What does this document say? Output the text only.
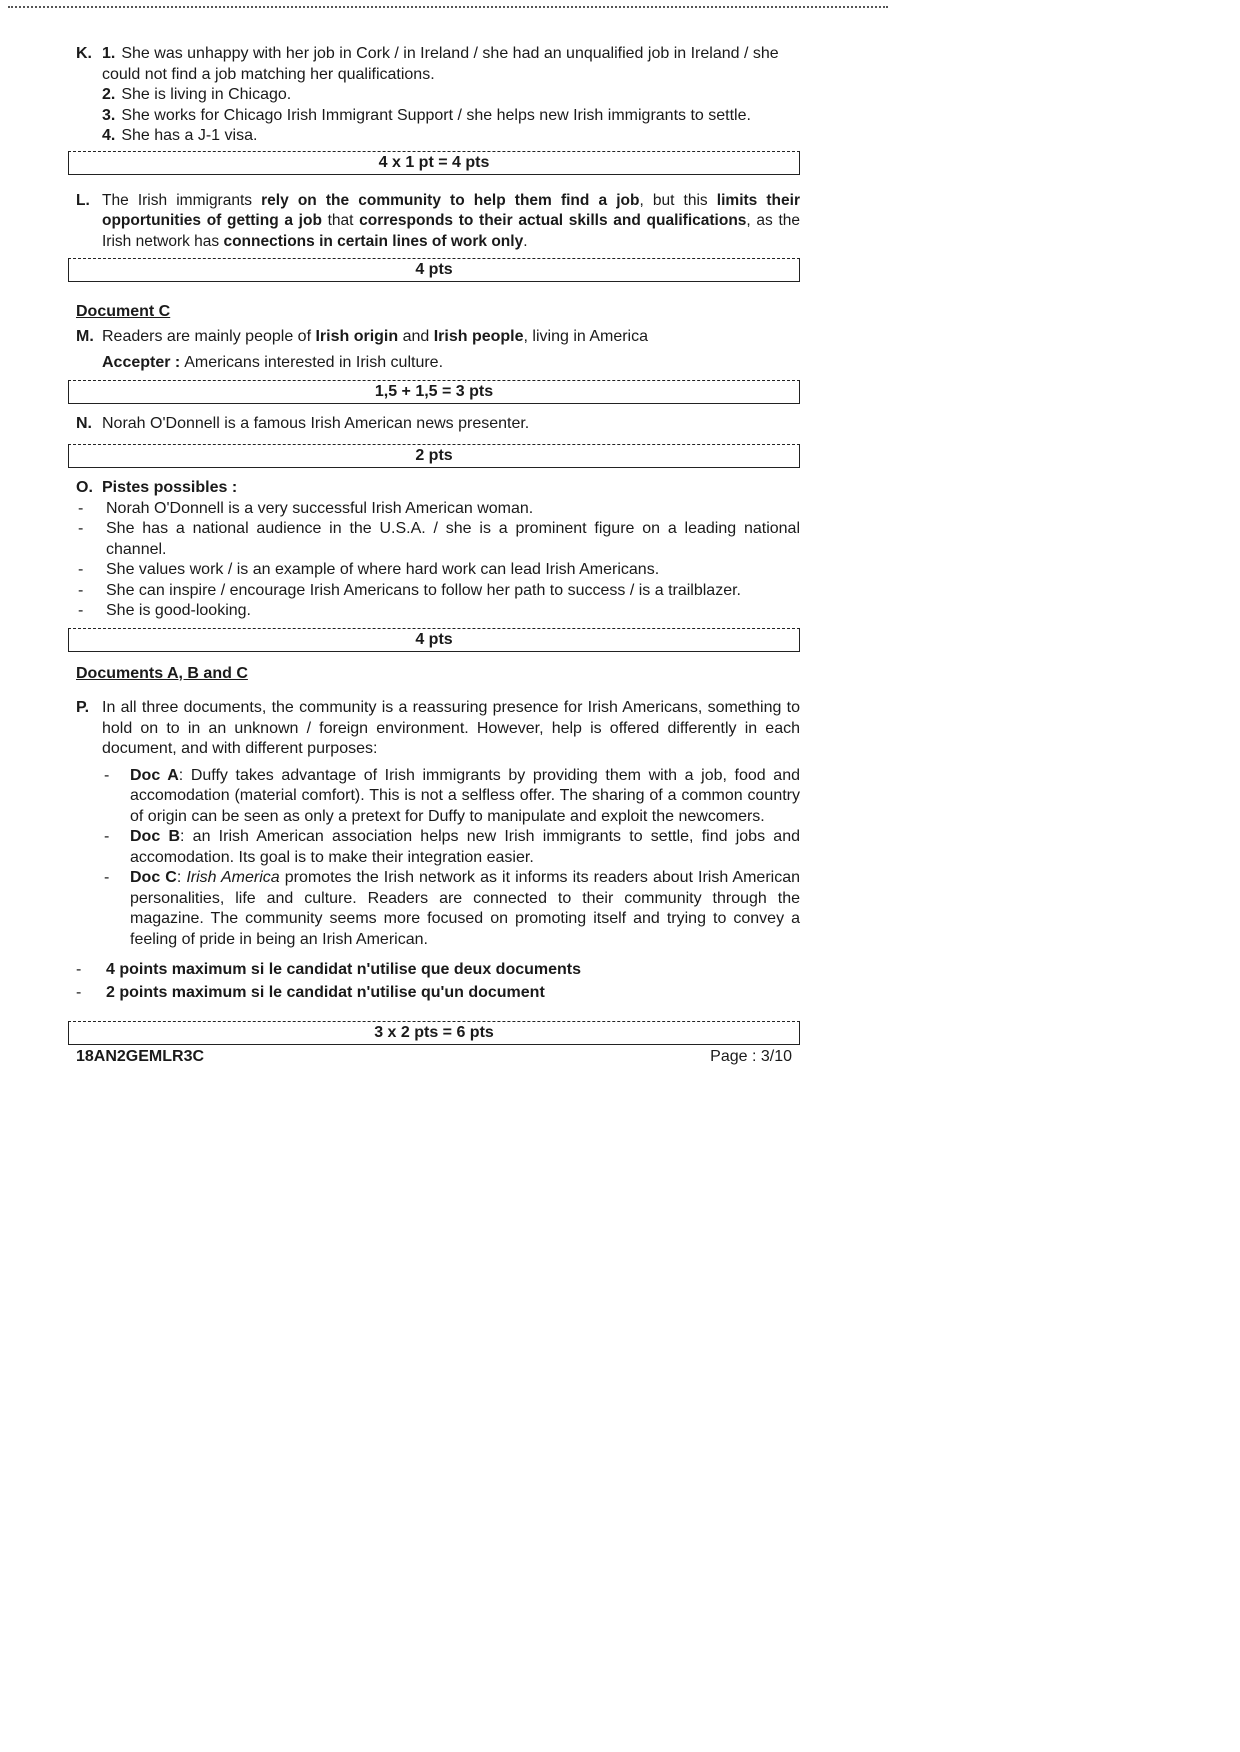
K. 1. She was unhappy with her job in Cork / in Ireland / she had an unqualified job in Ireland / she could not find a job matching her qualifications.

2. She is living in Chicago.

3. She works for Chicago Irish Immigrant Support / she helps new Irish immigrants to settle.

4. She has a J-1 visa.

4 x 1 pt = 4 pts
L. The Irish immigrants rely on the community to help them find a job, but this limits their opportunities of getting a job that corresponds to their actual skills and qualifications, as the Irish network has connections in certain lines of work only.
4 pts
Document C
M. Readers are mainly people of Irish origin and Irish people, living in America
Accepter : Americans interested in Irish culture.
1,5 + 1,5 = 3 pts
N. Norah O'Donnell is a famous Irish American news presenter.
2 pts
O. Pistes possibles :
- Norah O'Donnell is a very successful Irish American woman.
- She has a national audience in the U.S.A. / she is a prominent figure on a leading national channel.
- She values work / is an example of where hard work can lead Irish Americans.
- She can inspire / encourage Irish Americans to follow her path to success / is a trailblazer.
- She is good-looking.
4 pts
Documents A, B and C
P. In all three documents, the community is a reassuring presence for Irish Americans, something to hold on to in an unknown / foreign environment. However, help is offered differently in each document, and with different purposes:
- Doc A: Duffy takes advantage of Irish immigrants by providing them with a job, food and accomodation (material comfort). This is not a selfless offer. The sharing of a common country of origin can be seen as only a pretext for Duffy to manipulate and exploit the newcomers.
- Doc B: an Irish American association helps new Irish immigrants to settle, find jobs and accomodation. Its goal is to make their integration easier.
- Doc C: Irish America promotes the Irish network as it informs its readers about Irish American personalities, life and culture. Readers are connected to their community through the magazine. The community seems more focused on promoting itself and trying to convey a feeling of pride in being an Irish American.
- 4 points maximum si le candidat n'utilise que deux documents
- 2 points maximum si le candidat n'utilise qu'un document
3 x 2 pts = 6 pts
18AN2GEMLR3C	Page : 3/10
